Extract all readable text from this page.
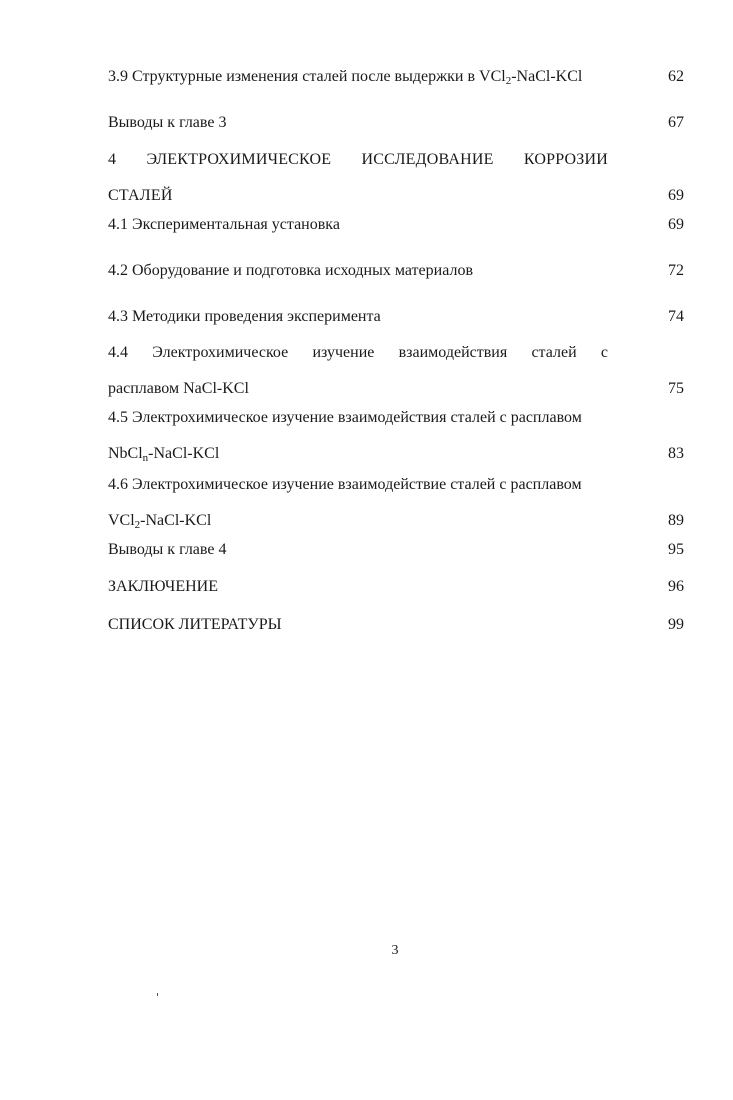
3.9 Структурные изменения сталей после выдержки в VCl$_2$-NaCl-KCl	62
Выводы к главе 3	67
4 ЭЛЕКТРОХИМИЧЕСКОЕ ИССЛЕДОВАНИЕ КОРРОЗИИ
СТАЛЕЙ	69
4.1 Экспериментальная установка	69
4.2 Оборудование и подготовка исходных материалов	72
4.3 Методики проведения эксперимента	74
4.4 Электрохимическое изучение взаимодействия сталей с
расплавом NaCl-KCl	75
4.5 Электрохимическое изучение взаимодействия сталей с расплавом
NbCl$_n$-NaCl-KCl	83
4.6 Электрохимическое изучение взаимодействие сталей с расплавом
VCl$_2$-NaCl-KCl	89
Выводы к главе 4	95
ЗАКЛЮЧЕНИЕ	96
СПИСОК ЛИТЕРАТУРЫ	99
3
